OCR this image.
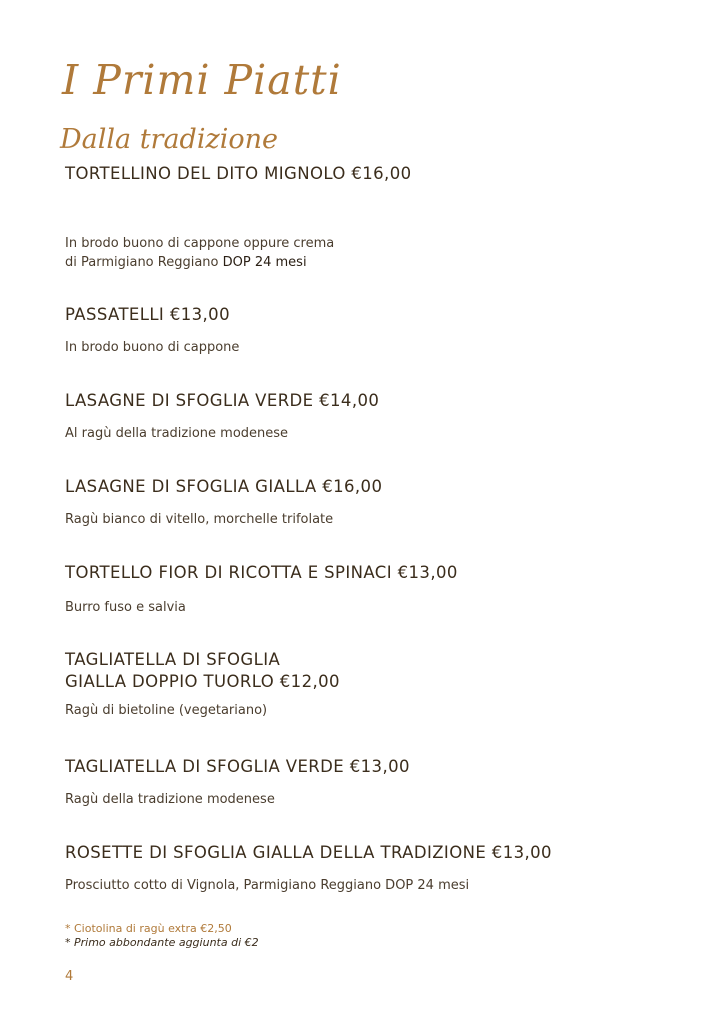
I Primi Piatti
Dalla tradizione
TORTELLINO DEL DITO MIGNOLO €16,00
In brodo buono di cappone oppure crema
di Parmigiano Reggiano DOP 24 mesi
PASSATELLI €13,00
In brodo buono di cappone
LASAGNE DI SFOGLIA VERDE €14,00
Al ragù della tradizione modenese
LASAGNE DI SFOGLIA GIALLA €16,00
Ragù bianco di vitello, morchelle trifolate
TORTELLO FIOR DI RICOTTA E SPINACI €13,00
Burro fuso e salvia
TAGLIATELLA DI SFOGLIA
GIALLA DOPPIO TUORLO €12,00
Ragù di bietoline (vegetariano)
TAGLIATELLA DI SFOGLIA VERDE €13,00
Ragù della tradizione modenese
ROSETTE DI SFOGLIA GIALLA DELLA TRADIZIONE €13,00
Prosciutto cotto di Vignola, Parmigiano Reggiano DOP 24 mesi
* Ciotolina di ragù extra €2,50
* Primo abbondante aggiunta di €2
4
